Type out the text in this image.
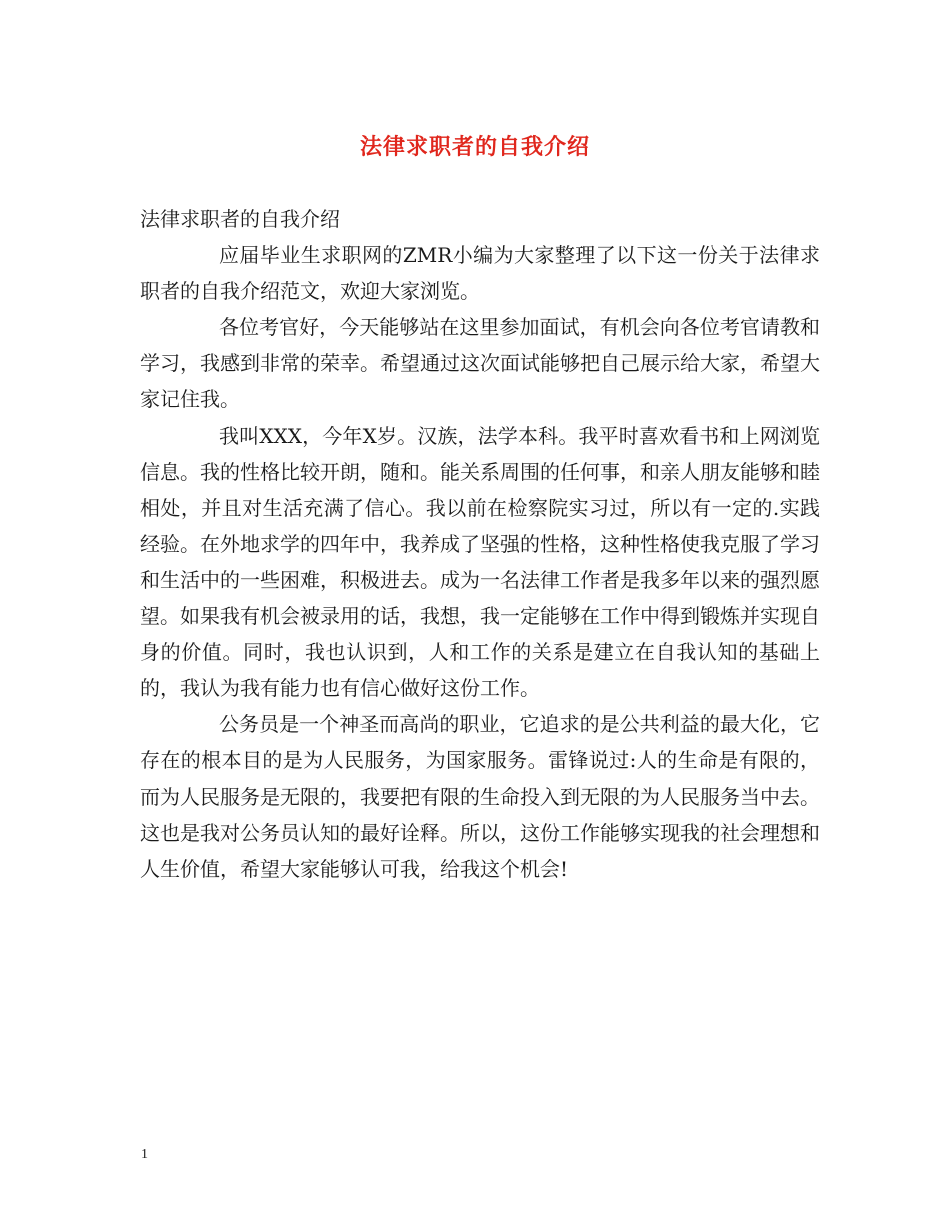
法律求职者的自我介绍

法律求职者的自我介绍

应届毕业生求职网的ZMR小编为大家整理了以下这一份关于法律求职者的自我介绍范文，欢迎大家浏览。

各位考官好，今天能够站在这里参加面试，有机会向各位考官请教和学习，我感到非常的荣幸。希望通过这次面试能够把自己展示给大家，希望大家记住我。

我叫XXX，今年X岁。汉族，法学本科。我平时喜欢看书和上网浏览信息。我的性格比较开朗，随和。能关系周围的任何事，和亲人朋友能够和睦相处，并且对生活充满了信心。我以前在检察院实习过，所以有一定的.实践经验。在外地求学的四年中，我养成了坚强的性格，这种性格使我克服了学习和生活中的一些困难，积极进去。成为一名法律工作者是我多年以来的强烈愿望。如果我有机会被录用的话，我想，我一定能够在工作中得到锻炼并实现自身的价值。同时，我也认识到，人和工作的关系是建立在自我认知的基础上的，我认为我有能力也有信心做好这份工作。

公务员是一个神圣而高尚的职业，它追求的是公共利益的最大化，它存在的根本目的是为人民服务，为国家服务。雷锋说过:人的生命是有限的，而为人民服务是无限的，我要把有限的生命投入到无限的为人民服务当中去。这也是我对公务员认知的最好诠释。所以，这份工作能够实现我的社会理想和人生价值，希望大家能够认可我，给我这个机会!

1
